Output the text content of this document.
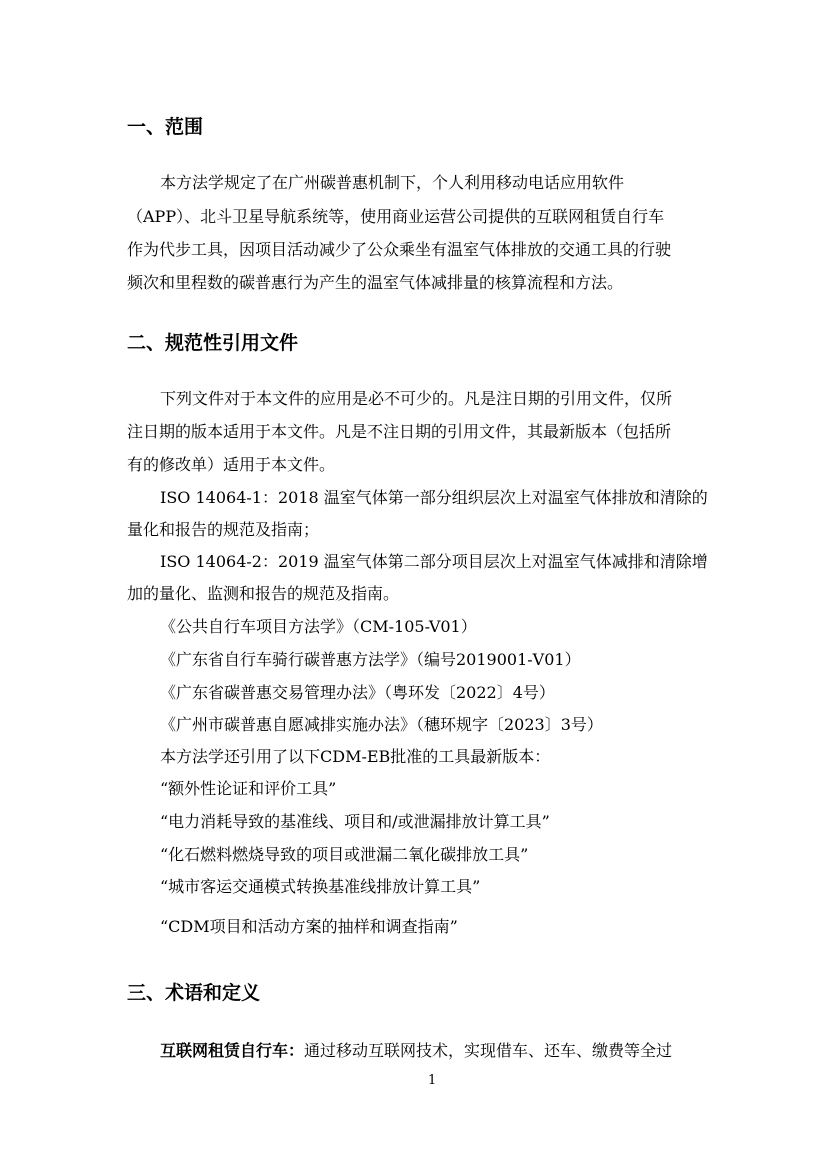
一、范围
本方法学规定了在广州碳普惠机制下，个人利用移动电话应用软件
（APP）、北斗卫星导航系统等，使用商业运营公司提供的互联网租赁自行车
作为代步工具，因项目活动减少了公众乘坐有温室气体排放的交通工具的行驶
频次和里程数的碳普惠行为产生的温室气体减排量的核算流程和方法。
二、规范性引用文件
下列文件对于本文件的应用是必不可少的。凡是注日期的引用文件，仅所
注日期的版本适用于本文件。凡是不注日期的引用文件，其最新版本（包括所
有的修改单）适用于本文件。
ISO 14064-1：2018 温室气体第一部分组织层次上对温室气体排放和清除的
量化和报告的规范及指南；
ISO 14064-2：2019 温室气体第二部分项目层次上对温室气体减排和清除增
加的量化、监测和报告的规范及指南。
《公共自行车项目方法学》（CM-105-V01）
《广东省自行车骑行碳普惠方法学》（编号2019001-V01）
《广东省碳普惠交易管理办法》（粤环发〔2022〕4号）
《广州市碳普惠自愿减排实施办法》（穗环规字〔2023〕3号）
本方法学还引用了以下CDM-EB批准的工具最新版本：
“额外性论证和评价工具”
“电力消耗导致的基准线、项目和/或泄漏排放计算工具”
“化石燃料燃烧导致的项目或泄漏二氧化碳排放工具”
“城市客运交通模式转换基准线排放计算工具”
“CDM项目和活动方案的抽样和调查指南”
三、术语和定义
互联网租赁自行车：通过移动互联网技术，实现借车、还车、缴费等全过
1
